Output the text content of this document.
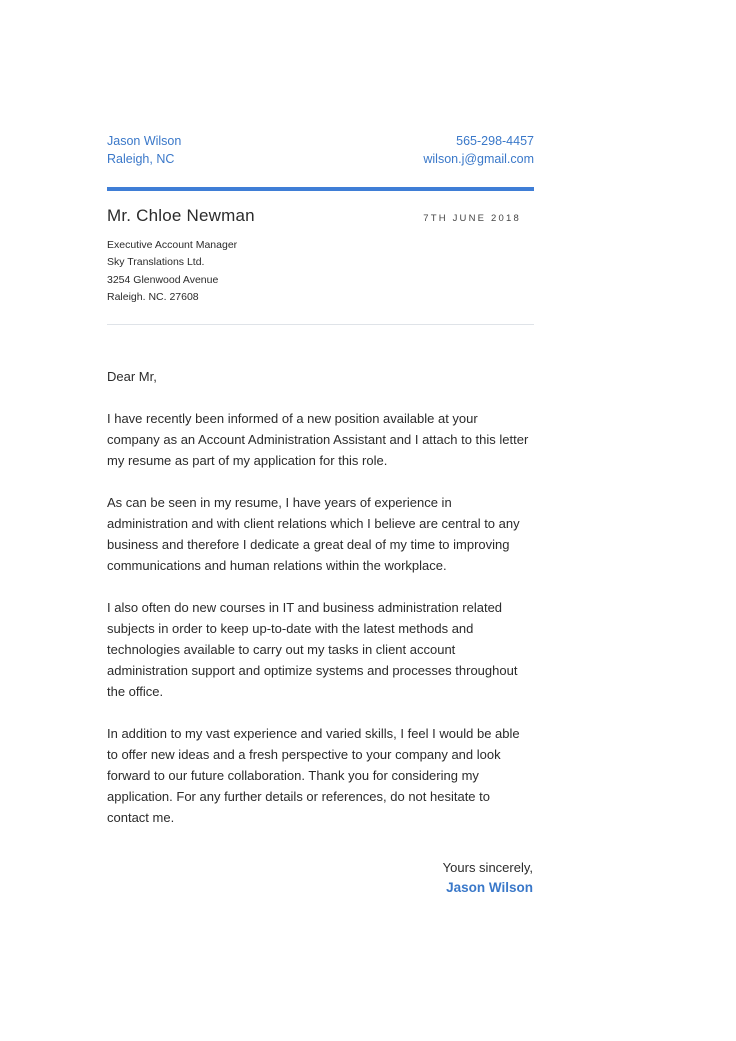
Jason Wilson
Raleigh, NC
565-298-4457
wilson.j@gmail.com
Mr. Chloe Newman	7TH JUNE 2018
Executive Account Manager
Sky Translations Ltd.
3254 Glenwood Avenue
Raleigh. NC. 27608

Dear Mr,

I have recently been informed of a new position available at your company as an Account Administration Assistant and I attach to this letter my resume as part of my application for this role.

As can be seen in my resume, I have years of experience in administration and with client relations which I believe are central to any business and therefore I dedicate a great deal of my time to improving communications and human relations within the workplace.

I also often do new courses in IT and business administration related subjects in order to keep up-to-date with the latest methods and technologies available to carry out my tasks in client account administration support and optimize systems and processes throughout the office.

In addition to my vast experience and varied skills, I feel I would be able to offer new ideas and a fresh perspective to your company and look forward to our future collaboration. Thank you for considering my application. For any further details or references, do not hesitate to contact me.

Yours sincerely,
Jason Wilson
